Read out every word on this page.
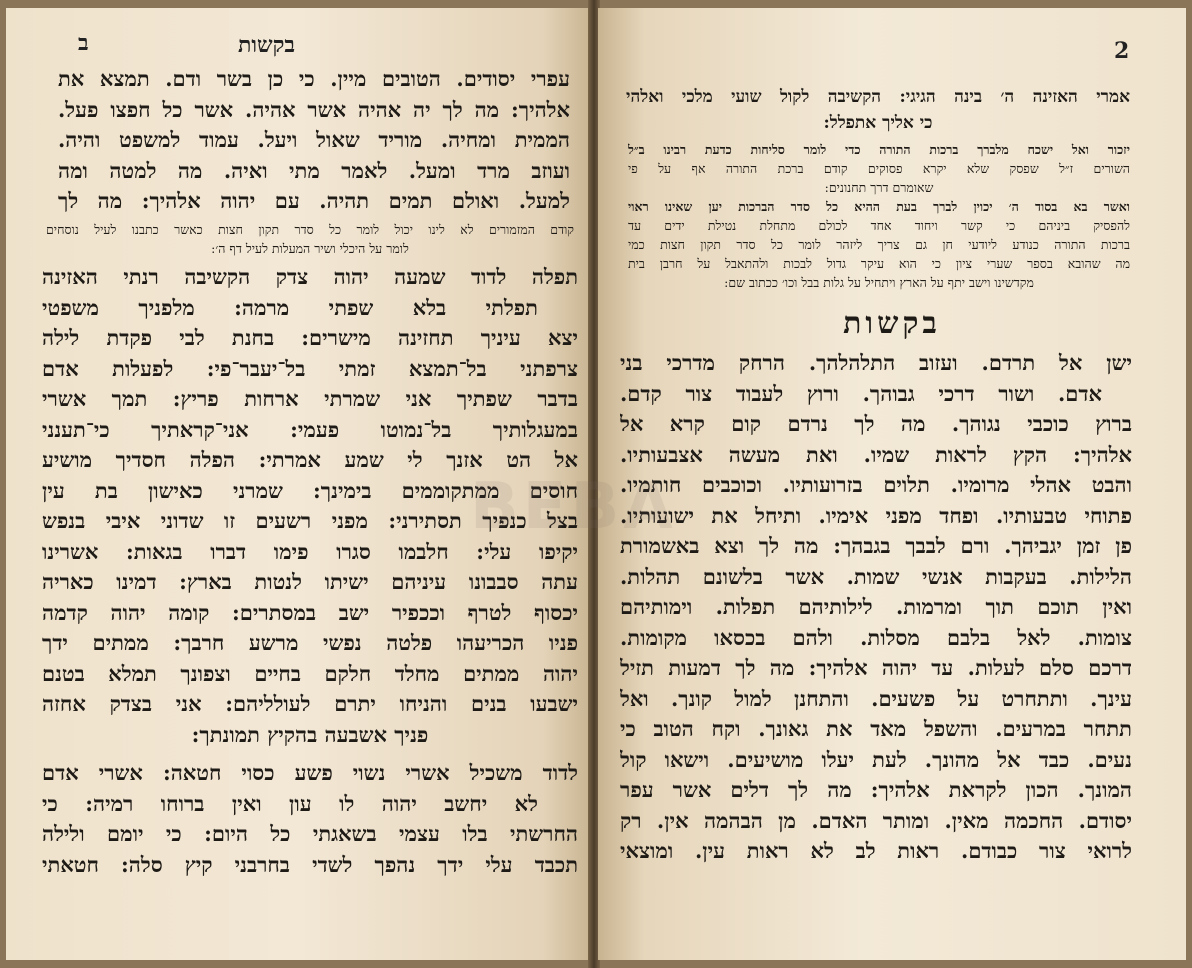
ב	בקשות
עפרי יסודים. הטובים מיין. כי כן בשר ודם. תמצא את
אלהיך: מה לך יה אהיה אשר אהיה. אשר כל חפצו פעל.
הממית ומחיה. מוריד שאול ויעל. עמוד למשפט והיה.
ועוזב מרד ומעל. לאמר מתי ואיה. מה למטה ומה
למעל. ואולם תמים תהיה. עם יהוה אלהיך: מה לך
קודם המזמורים לא לינו יכול לומר כל סדר תקון חצות כאשר כתבנו לעיל נוסחים
לומר על היכלי ושיר המעלות לעיל דף ה׳:
תפלה לדוד שמעה יהוה צדק הקשיבה רנתי האזינה
תפלתי בלא שפתי מרמה: מלפניך משפטי
יצא עיניך תחזינה מישרים: בחנת לבי פקדת לילה
צרפתני בל־תמצא זמתי בל־יעבר־פי: לפעלות אדם
בדבר שפתיך אני שמרתי ארחות פריץ: תמך אשרי
במעגלותיך בל־נמוטו פעמי: אני־קראתיך כי־תענני
אל הט אזנך לי שמע אמרתי: הפלה חסדיך מושיע
חוסים ממתקוממים בימינך: שמרני כאישון בת עין
בצל כנפיך תסתירני: מפני רשעים זו שדוני איבי בנפש
יקיפו עלי: חלבמו סגרו פימו דברו בגאות: אשרינו
עתה סבבונו עיניהם ישיתו לנטות בארץ: דמינו כאריה
יכסוף לטרף וככפיר ישב במסתרים: קומה יהוה קדמה
פניו הכריעהו פלטה נפשי מרשע חרבך: ממתים ידך
יהוה ממתים מחלד חלקם בחיים וצפונך תמלא בטנם
ישבעו בנים והניחו יתרם לעולליהם: אני בצדק אחזה
פניך אשבעה בהקיץ תמונתך:
לדוד משכיל אשרי נשוי פשע כסוי חטאה: אשרי אדם
לא יחשב יהוה לו עון ואין ברוחו רמיה: כי
החרשתי בלו עצמי בשאגתי כל היום: כי יומם ולילה
תכבד עלי ידך נהפך לשדי בחרבני קיץ סלה: חטאתי
2
אמרי האזינה ה׳ בינה הגיגי: הקשיבה לקול שועי מלכי ואלהי
כי אליך אתפלל:
יזכור ואל ישכח מלברך ברכות התורה כדי לומר סליחות כדעת רבינו ב״ל
השורים ז״ל שפסק שלא יקרא פסוקים קודם ברכת התורה אף על פי
שאומרם דרך תחנונים:
ואשר בא בסוד ה׳ יכוין לברך בעת ההיא כל סדר הברכות יען שאינו ראוי
להפסיק ביניהם כי קשר ויחוד אחד לכולם מתחלת נטילת ידים עד
ברכות התורה כנודע ליודעי חן גם צריך ליזהר לומר כל סדר תקון חצות כמי
מה שהובא בספר שערי ציון כי הוא עיקר גדול לבכות ולהתאבל על חרבן בית
מקדשינו וישב יתף על הארץ ויתחיל על גלות בבל וכו׳ ככתוב שם:
בקשות
ישן אל תרדם. ועזוב התלהלהך. הרחק מדרכי בני
אדם. ושור דרכי גבוהך. ורוץ לעבוד צור קדם.
ברוץ כוכבי נגוהך. מה לך נרדם קום קרא אל
אלהיך: הקץ לראות שמיו. ואת מעשה אצבעותיו.
והבט אהלי מרומיו. תלוים בזרועותיו. וכוכבים חותמיו.
פתוחי טבעותיו. ופחד מפני אימיו. ותיחל את ישועותיו.
פן זמן יגביהך. ורם לבבך בגבהך: מה לך וצא באשמורת
הלילות. בעקבות אנשי שמות. אשר בלשונם תהלות.
ואין תוכם תוך ומרמות. לילותיהם תפלות. וימותיהם
צומות. לאל בלבם מסלות. ולהם בכסאו מקומות.
דרכם סלם לעלות. עד יהוה אלהיך: מה לך דמעות תזיל
עינך. ותתחרט על פשעים. והתחנן למול קונך. ואל
תתחר במרעים. והשפל מאד את גאונך. וקח הטוב כי
נעים. כבד אל מהונך. לעת יעלו מושיעים. וישאו קול
המונך. הכון לקראת אלהיך: מה לך דלים אשר עפר
יסודם. החכמה מאין. ומותר האדם. מן הבהמה אין. רק
לרואי צור כבודם. ראות לב לא ראות עין. ומוצאי
BEBA
